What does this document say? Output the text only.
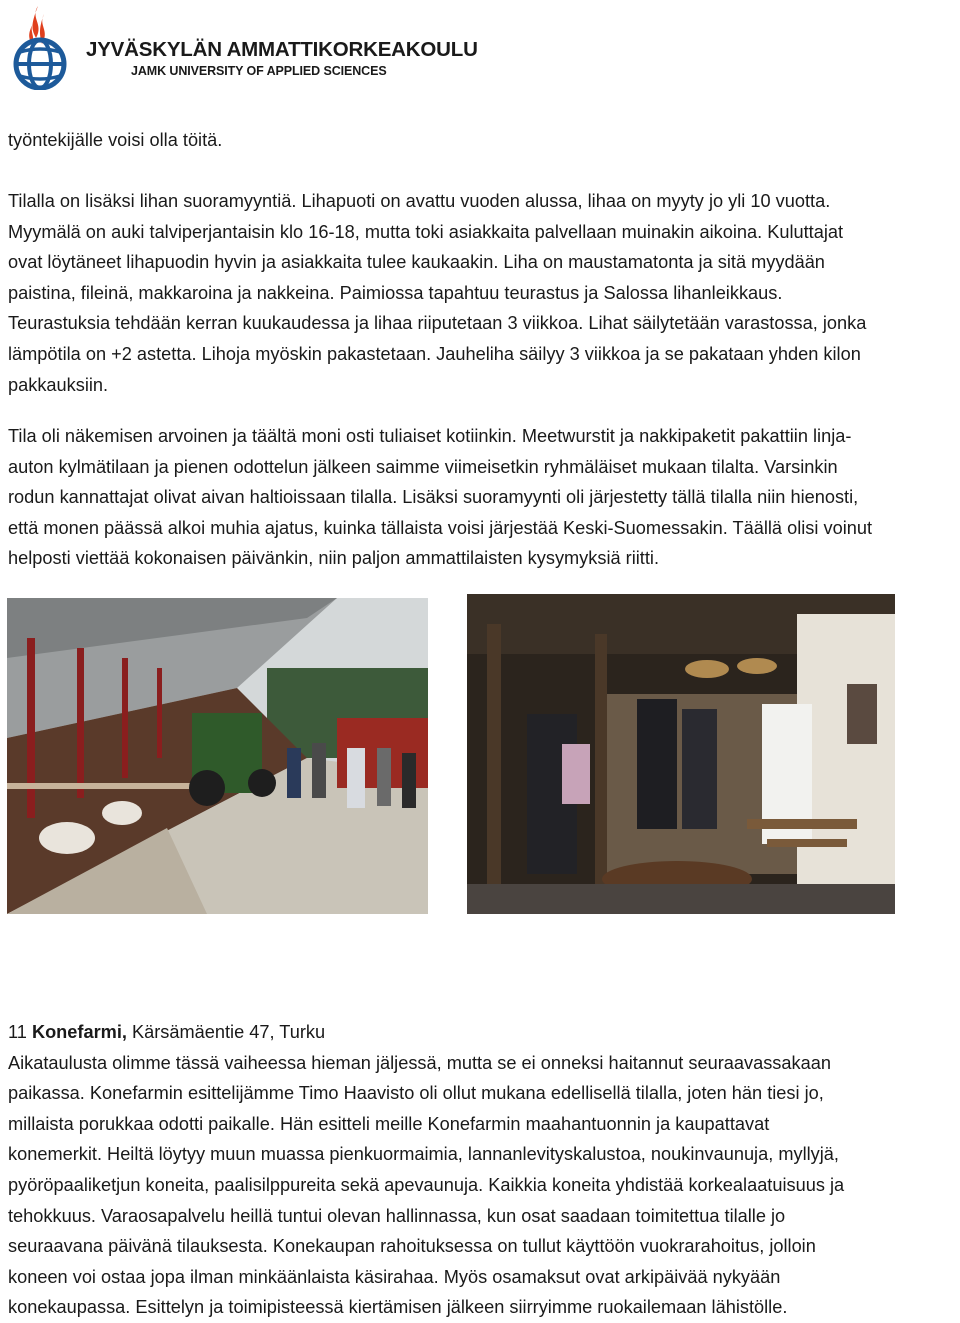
JYVÄSKYLÄN AMMATTIKORKEAKOULU
JAMK UNIVERSITY OF APPLIED SCIENCES
työntekijälle voisi olla töitä.
Tilalla on lisäksi lihan suoramyyntiä. Lihapuoti on avattu vuoden alussa, lihaa on myyty jo yli 10 vuotta.
Myymälä on auki talviperjantaisin klo 16-18, mutta toki asiakkaita palvellaan muinakin aikoina. Kuluttajat
ovat löytäneet lihapuodin hyvin ja asiakkaita tulee kaukaakin. Liha on maustamatonta ja sitä myydään
paistina, fileinä, makkaroina ja nakkeina. Paimiossa tapahtuu teurastus ja Salossa lihanleikkaus.
Teurastuksia tehdään kerran kuukaudessa ja lihaa riiputetaan 3 viikkoa. Lihat säilytetään varastossa, jonka
lämpötila on +2 astetta. Lihoja myöskin pakastetaan. Jauheliha säilyy 3 viikkoa ja se pakataan yhden kilon
pakkauksiin.
Tila oli näkemisen arvoinen ja täältä moni osti tuliaiset kotiinkin. Meetwurstit ja nakkipaketit pakattiin linja-
auton kylmätilaan ja pienen odottelun jälkeen saimme viimeisetkin ryhmäläiset mukaan tilalta. Varsinkin
rodun kannattajat olivat aivan haltioissaan tilalla. Lisäksi suoramyynti oli järjestetty tällä tilalla niin hienosti,
että monen päässä alkoi muhia ajatus, kuinka tällaista voisi järjestää Keski-Suomessakin. Täällä olisi voinut
helposti viettää kokonaisen päivänkin, niin paljon ammattilaisten kysymyksiä riitti.
11 Konefarmi, Kärsämäentie 47, Turku
Aikataulusta olimme tässä vaiheessa hieman jäljessä, mutta se ei onneksi haitannut seuraavassakaan
paikassa. Konefarmin esittelijämme Timo Haavisto oli ollut mukana edellisellä tilalla, joten hän tiesi jo,
millaista porukkaa odotti paikalle. Hän esitteli meille Konefarmin maahantuonnin ja kaupattavat
konemerkit. Heiltä löytyy muun muassa pienkuormaimia, lannanlevityskalustoa, noukinvaunuja, myllyjä,
pyöröpaaliketjun koneita, paalisilppureita sekä apevaunuja. Kaikkia koneita yhdistää korkealaatuisuus ja
tehokkuus. Varaosapalvelu heillä tuntui olevan hallinnassa, kun osat saadaan toimitettua tilalle jo
seuraavana päivänä tilauksesta. Konekaupan rahoituksessa on tullut käyttöön vuokrarahoitus, jolloin
koneen voi ostaa jopa ilman minkäänlaista käsirahaa. Myös osamaksut ovat arkipäivää nykyään
konekaupassa. Esittelyn ja toimipisteessä kiertämisen jälkeen siirryimme ruokailemaan lähistölle.
